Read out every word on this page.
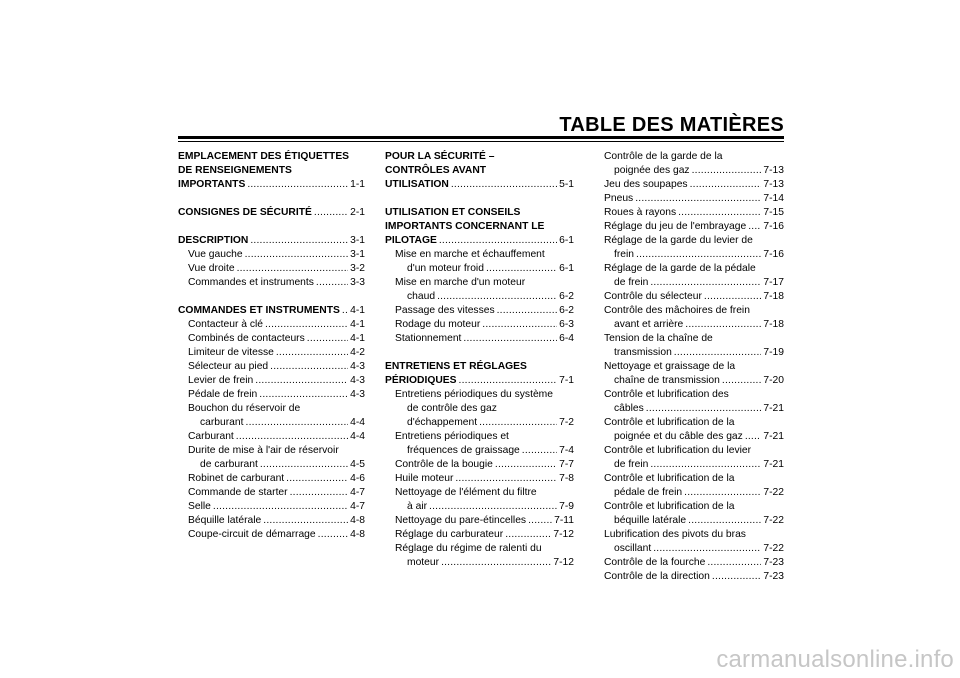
TABLE DES MATIÈRES
EMPLACEMENT DES ÉTIQUETTES
DE RENSEIGNEMENTS
IMPORTANTS .....	1-1
CONSIGNES DE SÉCURITÉ .....	2-1
DESCRIPTION .....	3-1
Vue gauche .....	3-1
Vue droite .....	3-2
Commandes et instruments .....	3-3
COMMANDES ET INSTRUMENTS ..... 4-1
Contacteur à clé .....	4-1
Combinés de contacteurs .....	4-1
Limiteur de vitesse .....	4-2
Sélecteur au pied .....	4-3
Levier de frein .....	4-3
Pédale de frein .....	4-3
Bouchon du réservoir de
carburant .....	4-4
Carburant .....	4-4
Durite de mise à l'air de réservoir
de carburant .....	4-5
Robinet de carburant .....	4-6
Commande de starter .....	4-7
Selle .....	4-7
Béquille latérale .....	4-8
Coupe-circuit de démarrage .....	4-8
POUR LA SÉCURITÉ –
CONTRÔLES AVANT
UTILISATION .....	5-1
UTILISATION ET CONSEILS
IMPORTANTS CONCERNANT LE
PILOTAGE .....	6-1
Mise en marche et échauffement
d'un moteur froid .....	6-1
Mise en marche d'un moteur
chaud .....	6-2
Passage des vitesses .....	6-2
Rodage du moteur .....	6-3
Stationnement .....	6-4
ENTRETIENS ET RÉGLAGES
PÉRIODIQUES .....	7-1
Entretiens périodiques du système
de contrôle des gaz
d'échappement .....	7-2
Entretiens périodiques et
fréquences de graissage .....	7-4
Contrôle de la bougie .....	7-7
Huile moteur .....	7-8
Nettoyage de l'élément du filtre
à air .....	7-9
Nettoyage du pare-étincelles .....	7-11
Réglage du carburateur .....	7-12
Réglage du régime de ralenti du
moteur .....	7-12
Contrôle de la garde de la
poignée des gaz .....	7-13
Jeu des soupapes .....	7-13
Pneus .....	7-14
Roues à rayons .....	7-15
Réglage du jeu de l'embrayage ..... 7-16
Réglage de la garde du levier de
frein .....	7-16
Réglage de la garde de la pédale
de frein .....	7-17
Contrôle du sélecteur .....	7-18
Contrôle des mâchoires de frein
avant et arrière .....	7-18
Tension de la chaîne de
transmission .....	7-19
Nettoyage et graissage de la
chaîne de transmission .....	7-20
Contrôle et lubrification des
câbles .....	7-21
Contrôle et lubrification de la
poignée et du câble des gaz ..... 7-21
Contrôle et lubrification du levier
de frein .....	7-21
Contrôle et lubrification de la
pédale de frein .....	7-22
Contrôle et lubrification de la
béquille latérale .....	7-22
Lubrification des pivots du bras
oscillant .....	7-22
Contrôle de la fourche .....	7-23
Contrôle de la direction .....	7-23
carmanualsonline.info
